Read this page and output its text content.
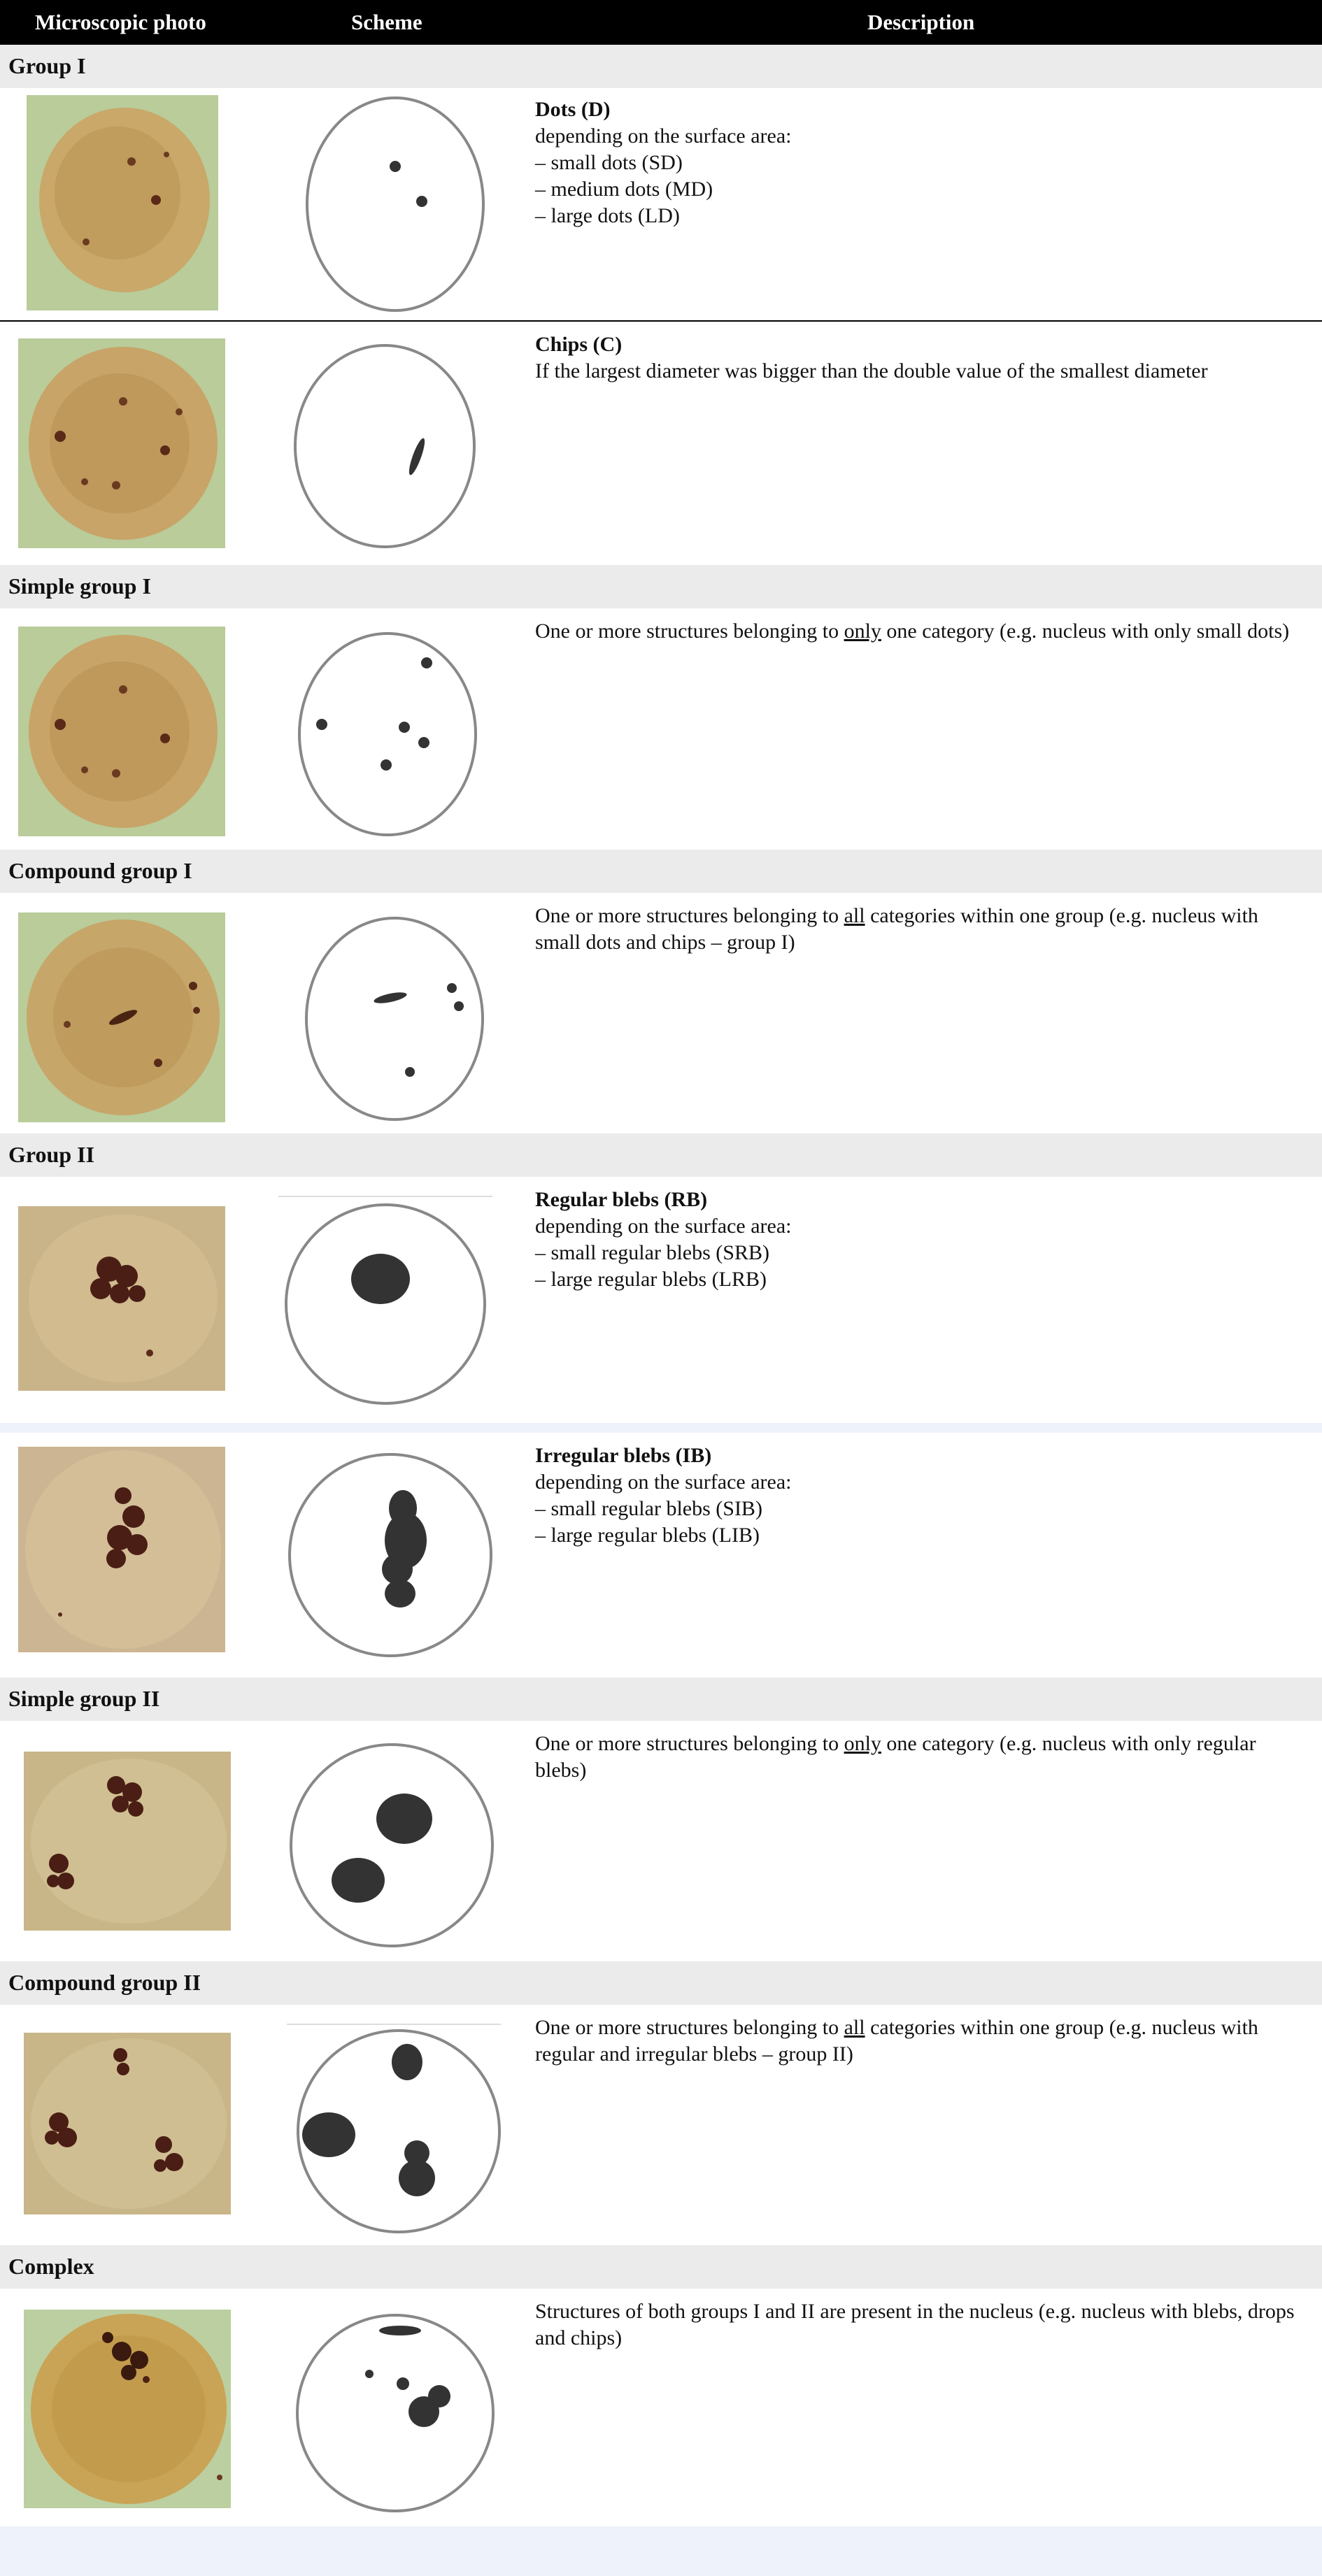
Microscopic photo	Scheme	Description
Group I
Dots (D)
depending on the surface area:
– small dots (SD)
– medium dots (MD)
– large dots (LD)
Chips (C)
If the largest diameter was bigger than the double value of the smallest diameter
Simple group I
One or more structures belonging to only one category (e.g. nucleus with only small dots)
Compound group I
One or more structures belonging to all categories within one group (e.g. nucleus with small dots and chips – group I)
Group II
Regular blebs (RB)
depending on the surface area:
– small regular blebs (SRB)
– large regular blebs (LRB)
Irregular blebs (IB)
depending on the surface area:
– small regular blebs (SIB)
– large regular blebs (LIB)
Simple group II
One or more structures belonging to only one category (e.g. nucleus with only regular blebs)
Compound group II
One or more structures belonging to all categories within one group (e.g. nucleus with regular and irregular blebs – group II)
Complex
Structures of both groups I and II are present in the nucleus (e.g. nucleus with blebs, drops and chips)
